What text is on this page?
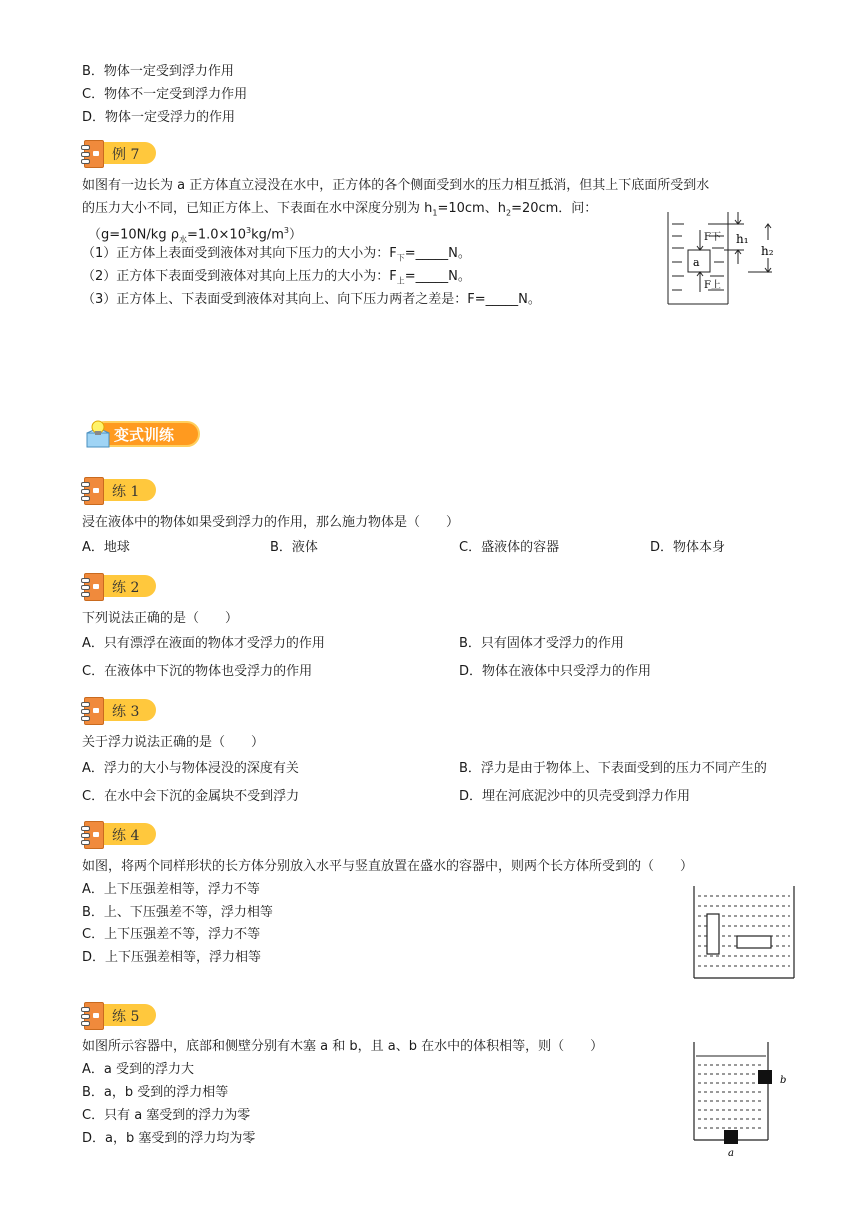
B．物体一定受到浮力作用
C．物体不一定受到浮力作用
D．物体一定受浮力的作用
例 7
如图有一边长为 a 正方体直立浸没在水中，正方体的各个侧面受到水的压力相互抵消，但其上下底面所受到水
的压力大小不同，已知正方体上、下表面在水中深度分别为 $h_1=10cm$、$h_2=20cm$．问：
（g=10N/kg $\rho_水=1.0\times 10^3kg/m^3$）
（1）正方体上表面受到液体对其向下压力的大小为：$F_下=\_\_\_\_\_N$。
（2）正方体下表面受到液体对其向上压力的大小为：$F_上=\_\_\_\_\_N$。
（3）正方体上、下表面受到液体对其向上、向下压力两者之差是：F=_____N。
F下
a
F上
h₁
h₂
变式训练
练 1
浸在液体中的物体如果受到浮力的作用，那么施力物体是（　　）
A．地球	B．液体	C．盛液体的容器	D．物体本身
练 2
下列说法正确的是（　　）
A．只有漂浮在液面的物体才受浮力的作用	B．只有固体才受浮力的作用
C．在液体中下沉的物体也受浮力的作用	D．物体在液体中只受浮力的作用
练 3
关于浮力说法正确的是（　　）
A．浮力的大小与物体浸没的深度有关	B．浮力是由于物体上、下表面受到的压力不同产生的
C．在水中会下沉的金属块不受到浮力	D．埋在河底泥沙中的贝壳受到浮力作用
练 4
如图，将两个同样形状的长方体分别放入水平与竖直放置在盛水的容器中，则两个长方体所受到的（　　）
A．上下压强差相等，浮力不等
B．上、下压强差不等，浮力相等
C．上下压强差不等，浮力不等
D．上下压强差相等，浮力相等
练 5
如图所示容器中，底部和侧壁分别有木塞 a 和 b，且 a、b 在水中的体积相等，则（　　）
A．a 受到的浮力大
B．a，b 受到的浮力相等
C．只有 a 塞受到的浮力为零
D．a，b 塞受到的浮力均为零
b
a
